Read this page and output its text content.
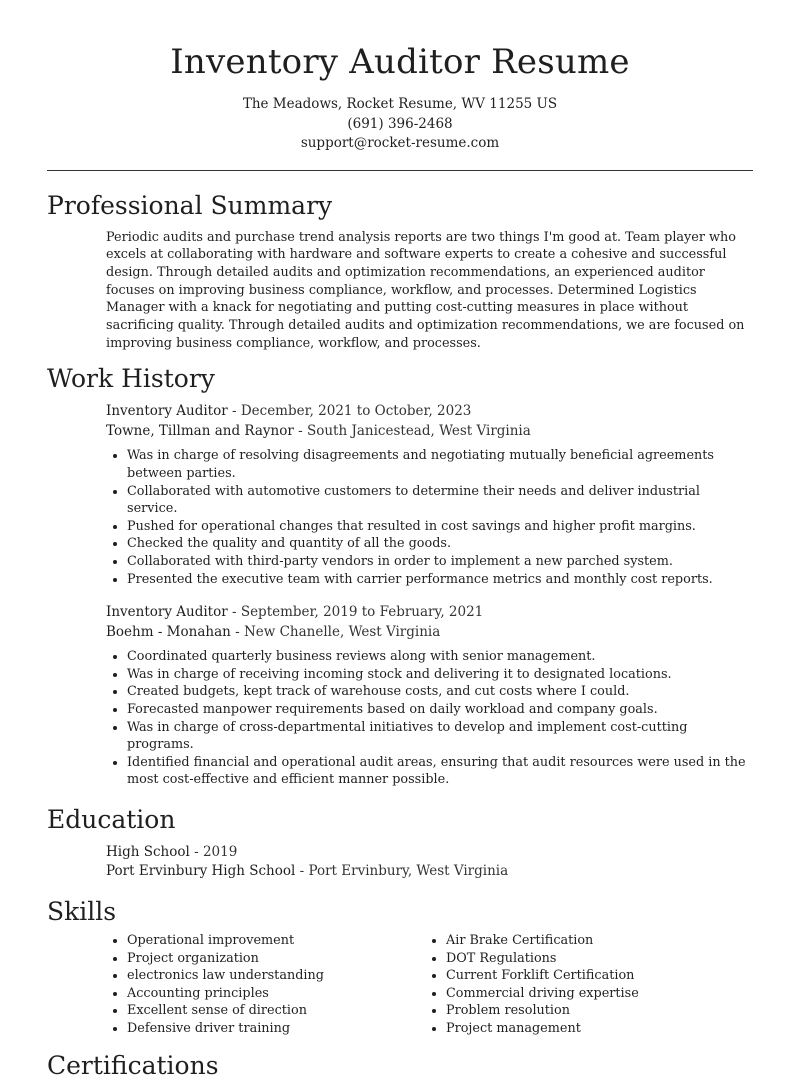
Inventory Auditor Resume
The Meadows, Rocket Resume, WV 11255 US
(691) 396-2468
support@rocket-resume.com
Professional Summary

Periodic audits and purchase trend analysis reports are two things I'm good at. Team player who excels at collaborating with hardware and software experts to create a cohesive and successful design. Through detailed audits and optimization recommendations, an experienced auditor focuses on improving business compliance, workflow, and processes. Determined Logistics Manager with a knack for negotiating and putting cost-cutting measures in place without sacrificing quality. Through detailed audits and optimization recommendations, we are focused on improving business compliance, workflow, and processes.

Work History
Inventory Auditor - December, 2021 to October, 2023
Towne, Tillman and Raynor - South Janicestead, West Virginia
• Was in charge of resolving disagreements and negotiating mutually beneficial agreements between parties.
• Collaborated with automotive customers to determine their needs and deliver industrial service.
• Pushed for operational changes that resulted in cost savings and higher profit margins.
• Checked the quality and quantity of all the goods.
• Collaborated with third-party vendors in order to implement a new parched system.
• Presented the executive team with carrier performance metrics and monthly cost reports.
Inventory Auditor - September, 2019 to February, 2021
Boehm - Monahan - New Chanelle, West Virginia
• Coordinated quarterly business reviews along with senior management.
• Was in charge of receiving incoming stock and delivering it to designated locations.
• Created budgets, kept track of warehouse costs, and cut costs where I could.
• Forecasted manpower requirements based on daily workload and company goals.
• Was in charge of cross-departmental initiatives to develop and implement cost-cutting programs.
• Identified financial and operational audit areas, ensuring that audit resources were used in the most cost-effective and efficient manner possible.
Education
High School - 2019
Port Ervinbury High School - Port Ervinbury, West Virginia
Skills
• Operational improvement
• Project organization
• electronics law understanding
• Accounting principles
• Excellent sense of direction
• Defensive driver training
• Air Brake Certification
• DOT Regulations
• Current Forklift Certification
• Commercial driving expertise
• Problem resolution
• Project management
Certifications
